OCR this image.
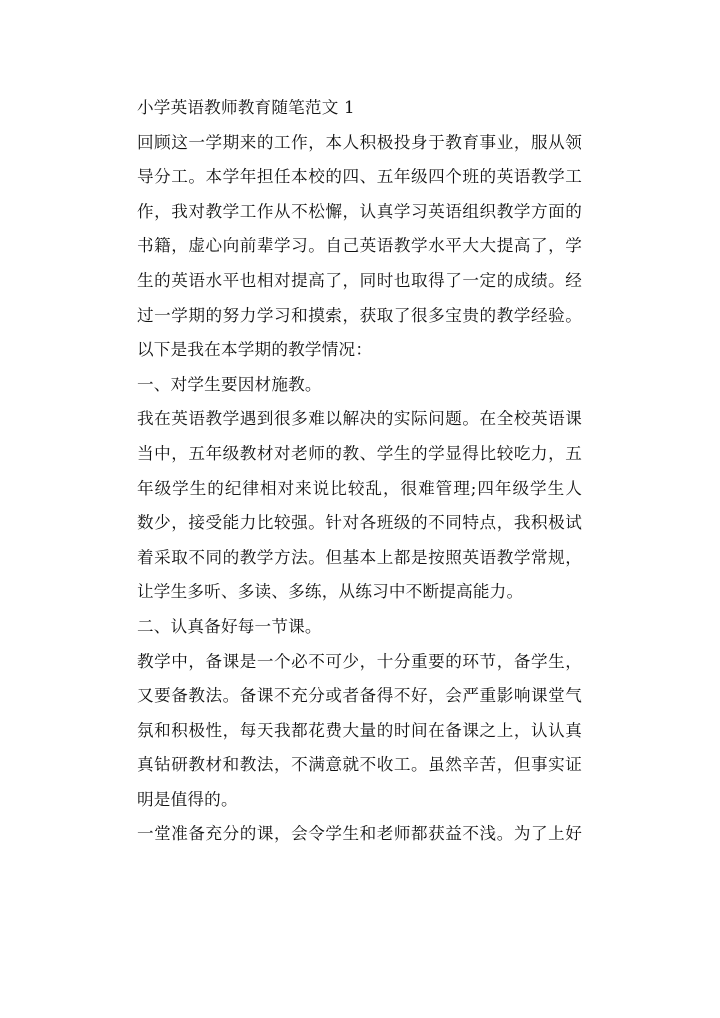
小学英语教师教育随笔范文 1
回顾这一学期来的工作，本人积极投身于教育事业，服从领
导分工。本学年担任本校的四、五年级四个班的英语教学工
作，我对教学工作从不松懈，认真学习英语组织教学方面的
书籍，虚心向前辈学习。自己英语教学水平大大提高了，学
生的英语水平也相对提高了，同时也取得了一定的成绩。经
过一学期的努力学习和摸索，获取了很多宝贵的教学经验。
以下是我在本学期的教学情况：
一、对学生要因材施教。
我在英语教学遇到很多难以解决的实际问题。在全校英语课
当中，五年级教材对老师的教、学生的学显得比较吃力，五
年级学生的纪律相对来说比较乱，很难管理;四年级学生人
数少，接受能力比较强。针对各班级的不同特点，我积极试
着采取不同的教学方法。但基本上都是按照英语教学常规，
让学生多听、多读、多练，从练习中不断提高能力。
二、认真备好每一节课。
教学中，备课是一个必不可少，十分重要的环节，备学生，
又要备教法。备课不充分或者备得不好，会严重影响课堂气
氛和积极性，每天我都花费大量的时间在备课之上，认认真
真钻研教材和教法，不满意就不收工。虽然辛苦，但事实证
明是值得的。
一堂准备充分的课，会令学生和老师都获益不浅。为了上好
